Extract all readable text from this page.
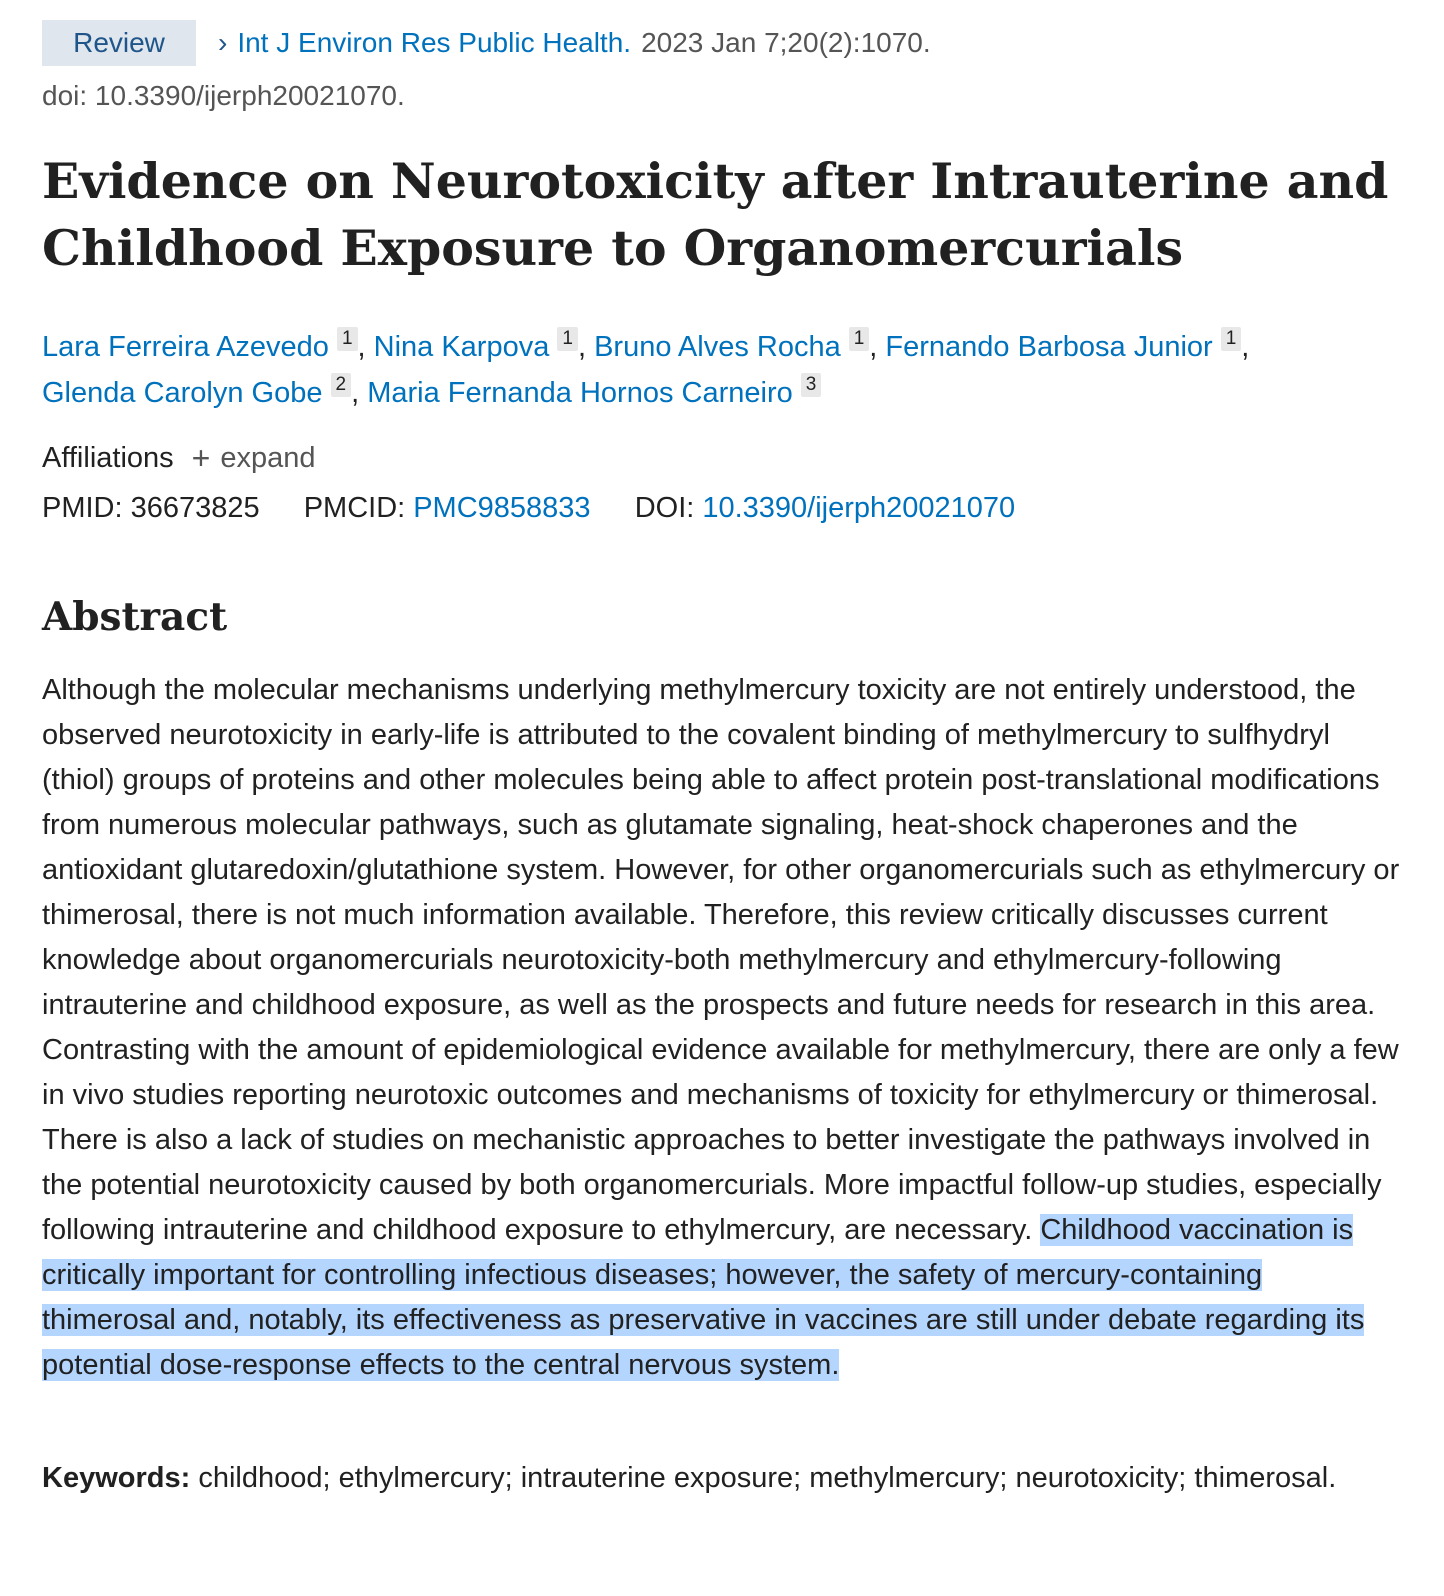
Review	› Int J Environ Res Public Health. 2023 Jan 7;20(2):1070.
doi: 10.3390/ijerph20021070.
Evidence on Neurotoxicity after Intrauterine and Childhood Exposure to Organomercurials
Lara Ferreira Azevedo 1 , Nina Karpova 1 , Bruno Alves Rocha 1 , Fernando Barbosa Junior 1 ,
Glenda Carolyn Gobe 2 , Maria Fernanda Hornos Carneiro 3
Affiliations + expand
PMID: 36673825 PMCID: PMC9858833 DOI: 10.3390/ijerph20021070
Abstract
Although the molecular mechanisms underlying methylmercury toxicity are not entirely understood, the observed neurotoxicity in early-life is attributed to the covalent binding of methylmercury to sulfhydryl (thiol) groups of proteins and other molecules being able to affect protein post-translational modifications from numerous molecular pathways, such as glutamate signaling, heat-shock chaperones and the antioxidant glutaredoxin/glutathione system. However, for other organomercurials such as ethylmercury or thimerosal, there is not much information available. Therefore, this review critically discusses current knowledge about organomercurials neurotoxicity-both methylmercury and ethylmercury-following intrauterine and childhood exposure, as well as the prospects and future needs for research in this area. Contrasting with the amount of epidemiological evidence available for methylmercury, there are only a few in vivo studies reporting neurotoxic outcomes and mechanisms of toxicity for ethylmercury or thimerosal. There is also a lack of studies on mechanistic approaches to better investigate the pathways involved in the potential neurotoxicity caused by both organomercurials. More impactful follow-up studies, especially following intrauterine and childhood exposure to ethylmercury, are necessary. Childhood vaccination is critically important for controlling infectious diseases; however, the safety of mercury-containing thimerosal and, notably, its effectiveness as preservative in vaccines are still under debate regarding its potential dose-response effects to the central nervous system.
Keywords: childhood; ethylmercury; intrauterine exposure; methylmercury; neurotoxicity; thimerosal.
